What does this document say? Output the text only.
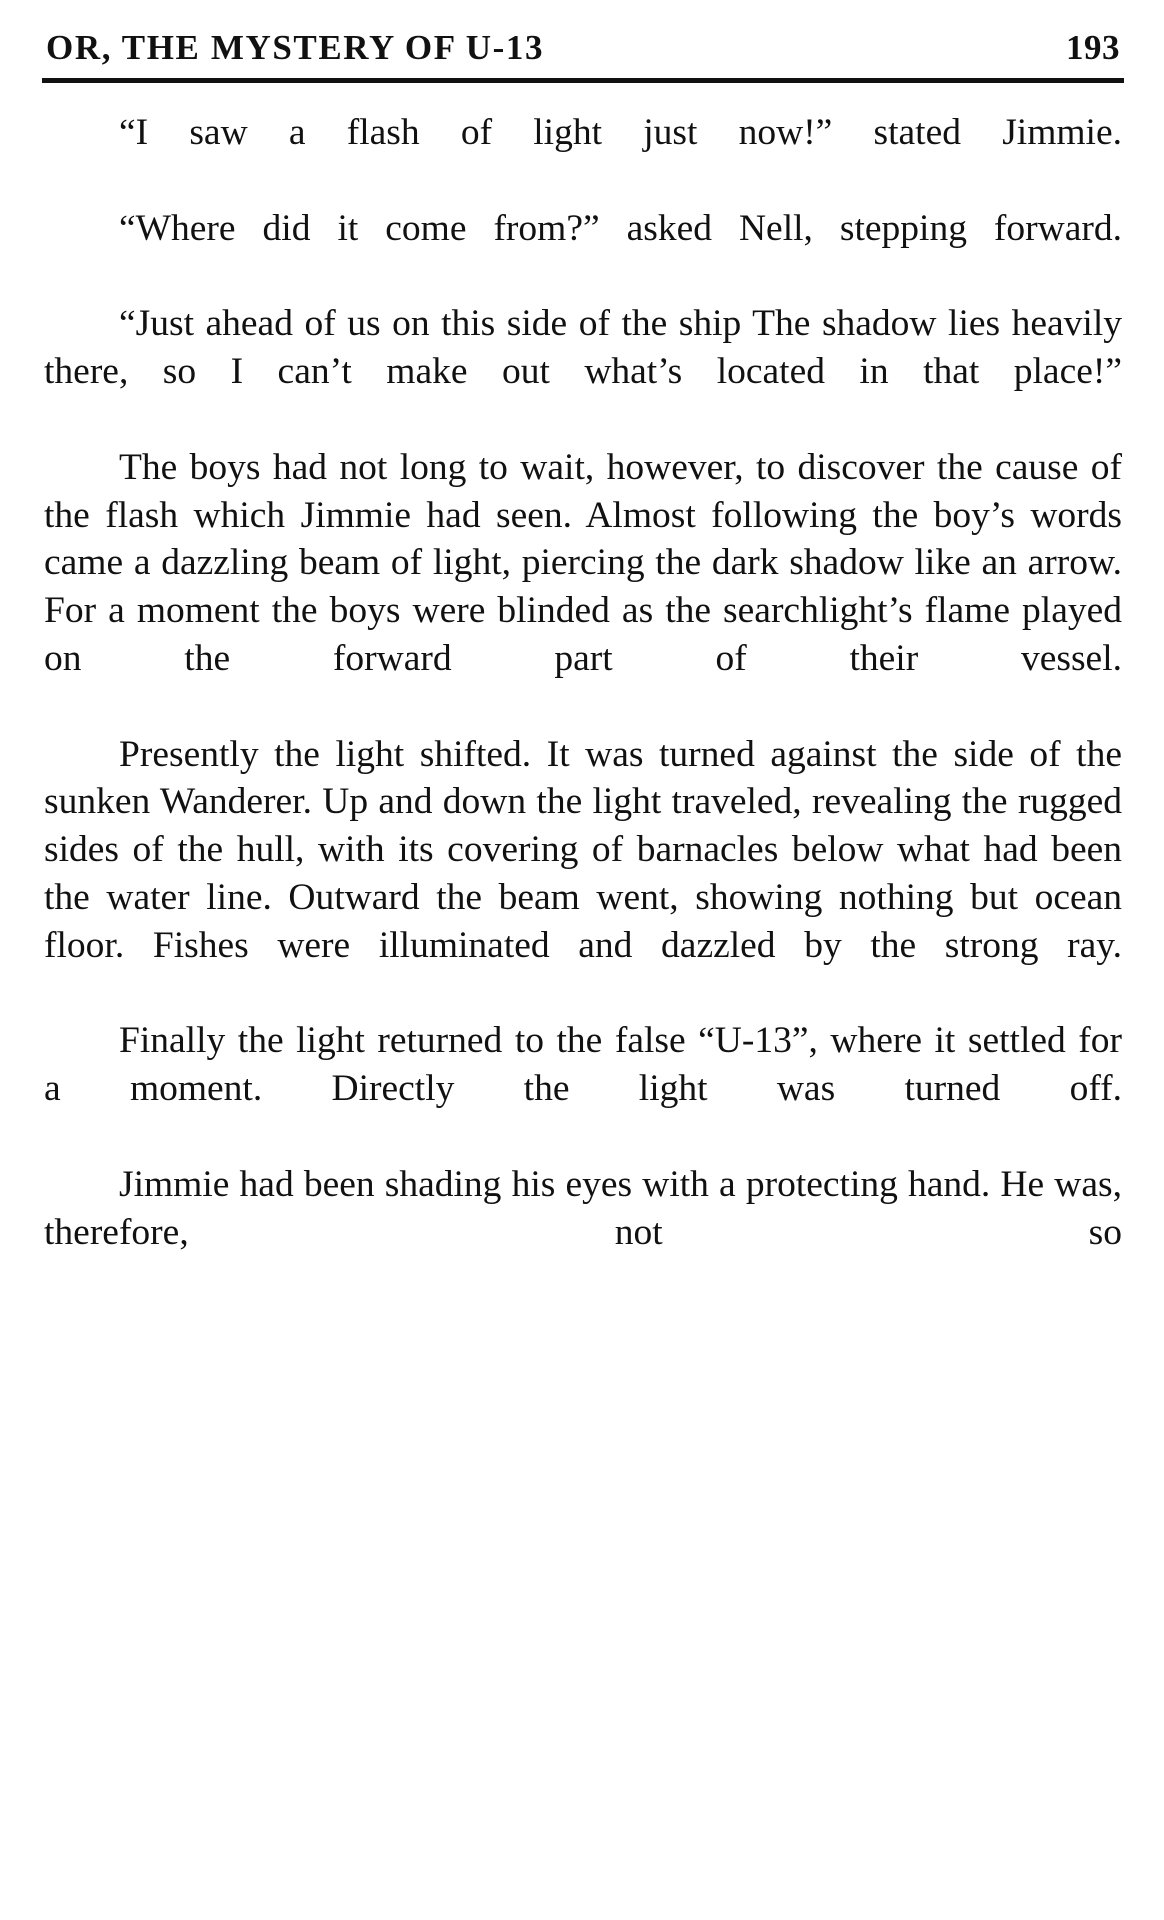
OR, THE MYSTERY OF U-13	193

“I saw a flash of light just now!” stated Jimmie.

“Where did it come from?” asked Nell, stepping forward.

“Just ahead of us on this side of the ship The shadow lies heavily there, so I can’t make out what’s located in that place!”

The boys had not long to wait, however, to discover the cause of the flash which Jimmie had seen. Almost following the boy’s words came a dazzling beam of light, piercing the dark shadow like an arrow. For a moment the boys were blinded as the searchlight’s flame played on the forward part of their vessel.

Presently the light shifted. It was turned against the side of the sunken Wanderer. Up and down the light traveled, revealing the rugged sides of the hull, with its covering of barnacles below what had been the water line. Outward the beam went, showing nothing but ocean floor. Fishes were illuminated and dazzled by the strong ray.

Finally the light returned to the false “U-13”, where it settled for a moment. Directly the light was turned off.

Jimmie had been shading his eyes with a protecting hand. He was, therefore, not so
